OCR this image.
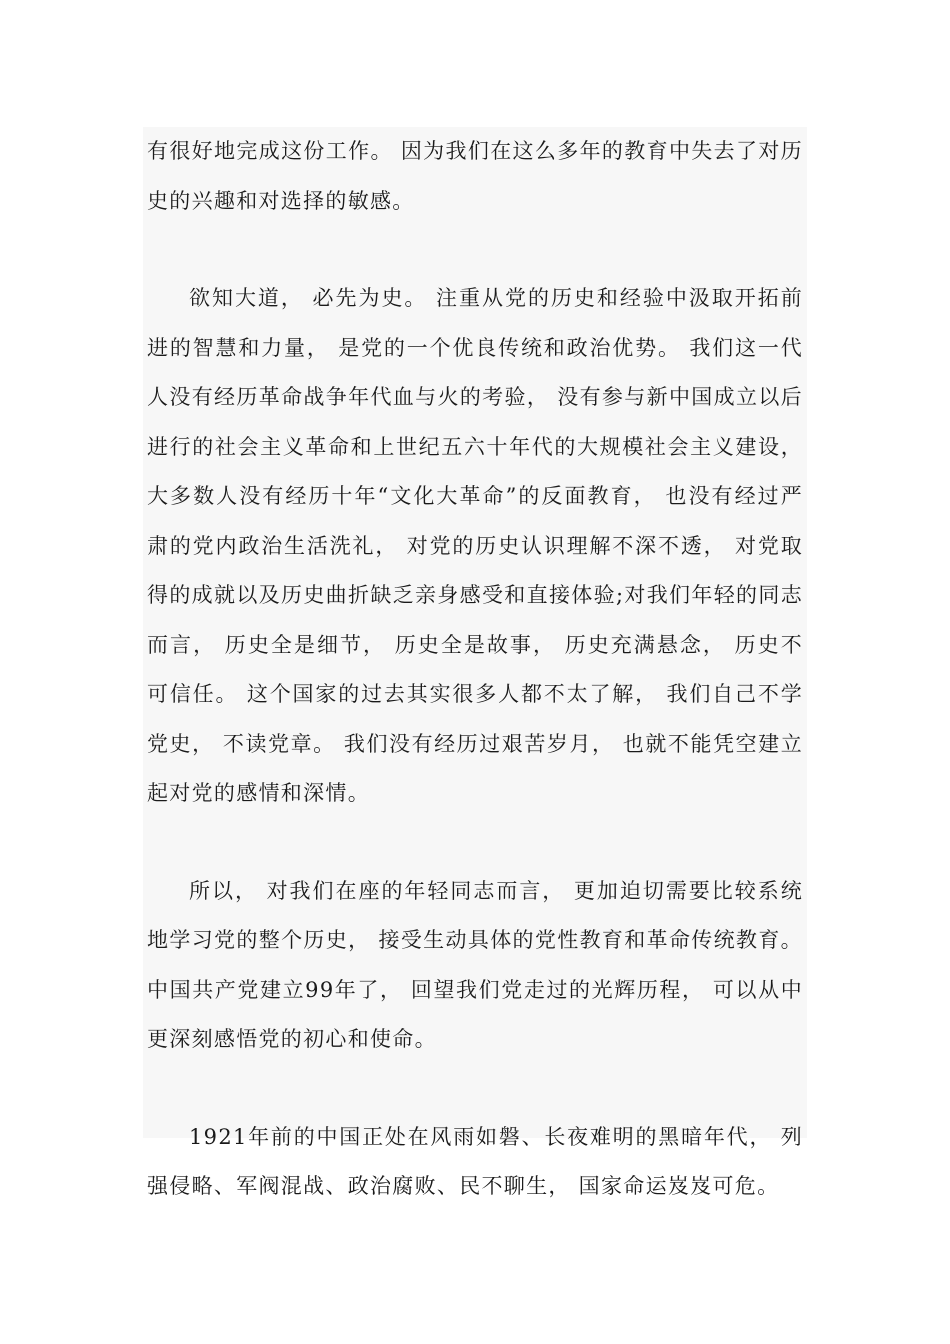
有很好地完成这份工作。 因为我们在这么多年的教育中失去了对历史的兴趣和对选择的敏感。

欲知大道， 必先为史。 注重从党的历史和经验中汲取开拓前进的智慧和力量， 是党的一个优良传统和政治优势。 我们这一代人没有经历革命战争年代血与火的考验， 没有参与新中国成立以后进行的社会主义革命和上世纪五六十年代的大规模社会主义建设， 大多数人没有经历十年“文化大革命”的反面教育， 也没有经过严肃的党内政治生活洗礼， 对党的历史认识理解不深不透， 对党取得的成就以及历史曲折缺乏亲身感受和直接体验;对我们年轻的同志而言， 历史全是细节， 历史全是故事， 历史充满悬念， 历史不可信任。 这个国家的过去其实很多人都不太了解， 我们自己不学党史， 不读党章。 我们没有经历过艰苦岁月， 也就不能凭空建立起对党的感情和深情。

所以， 对我们在座的年轻同志而言， 更加迫切需要比较系统地学习党的整个历史， 接受生动具体的党性教育和革命传统教育。 中国共产党建立99年了， 回望我们党走过的光辉历程， 可以从中更深刻感悟党的初心和使命。

1921年前的中国正处在风雨如磐、长夜难明的黑暗年代， 列强侵略、军阀混战、政治腐败、民不聊生， 国家命运岌岌可危。
